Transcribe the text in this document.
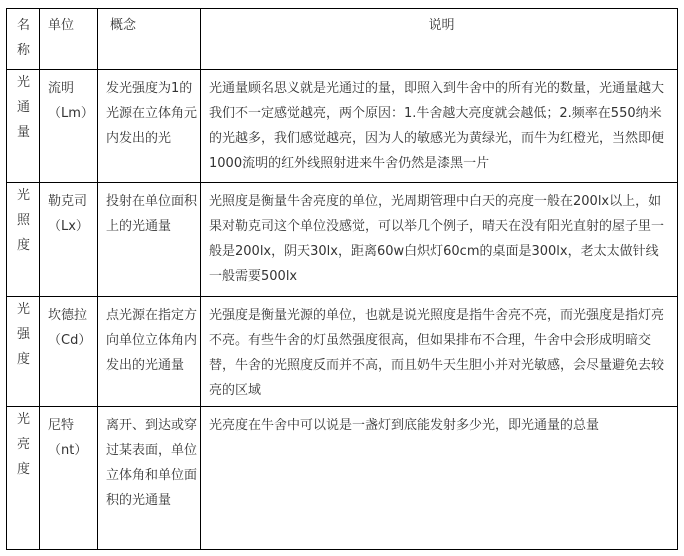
名称	单位	概念	说明
光通量	流明（Lm）	发光强度为1的光源在立体角元内发出的光	光通量顾名思义就是光通过的量，即照入到牛舍中的所有光的数量，光通量越大我们不一定感觉越亮，两个原因：1.牛舍越大亮度就会越低；2.频率在550纳米的光越多，我们感觉越亮，因为人的敏感光为黄绿光，而牛为红橙光，当然即便1000流明的红外线照射进来牛舍仍然是漆黑一片
光照度	勒克司（Lx）	投射在单位面积上的光通量	光照度是衡量牛舍亮度的单位，光周期管理中白天的亮度一般在200lx以上，如果对勒克司这个单位没感觉，可以举几个例子，晴天在没有阳光直射的屋子里一般是200lx，阴天30lx，距离60w白炽灯60cm的桌面是300lx，老太太做针线一般需要500lx
光强度	坎德拉（Cd）	点光源在指定方向单位立体角内发出的光通量	光强度是衡量光源的单位，也就是说光照度是指牛舍亮不亮，而光强度是指灯亮不亮。有些牛舍的灯虽然强度很高，但如果排布不合理，牛舍中会形成明暗交替，牛舍的光照度反而并不高，而且奶牛天生胆小并对光敏感，会尽量避免去较亮的区域
光亮度	尼特（nt）	离开、到达或穿过某表面，单位立体角和单位面积的光通量	光亮度在牛舍中可以说是一盏灯到底能发射多少光，即光通量的总量
